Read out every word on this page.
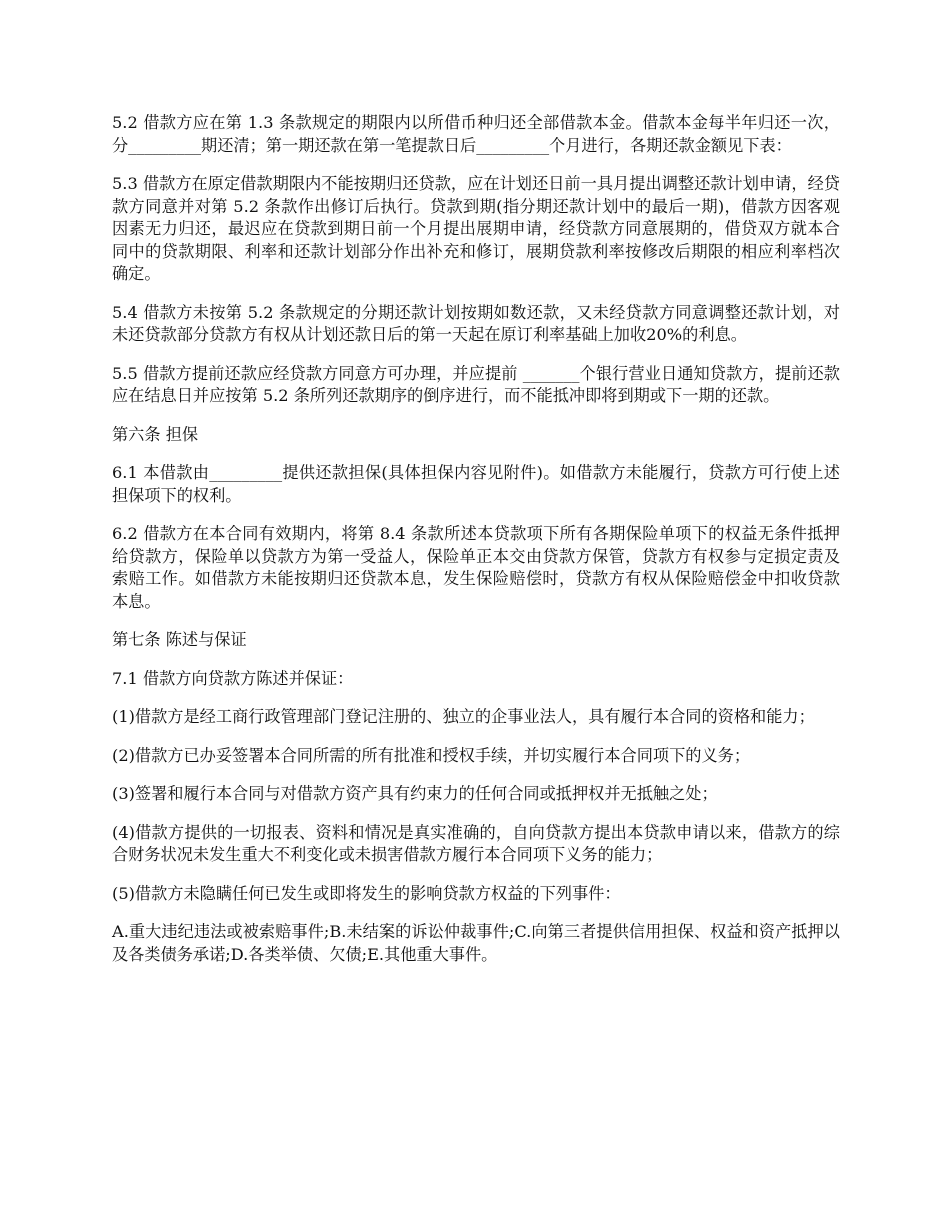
5.2 借款方应在第 1.3 条款规定的期限内以所借币种归还全部借款本金。借款本金每半年归还一次，分_________期还清；第一期还款在第一笔提款日后_________个月进行，各期还款金额见下表：

5.3 借款方在原定借款期限内不能按期归还贷款，应在计划还日前一具月提出调整还款计划申请，经贷款方同意并对第 5.2 条款作出修订后执行。贷款到期(指分期还款计划中的最后一期)，借款方因客观因素无力归还，最迟应在贷款到期日前一个月提出展期申请，经贷款方同意展期的，借贷双方就本合同中的贷款期限、利率和还款计划部分作出补充和修订，展期贷款利率按修改后期限的相应利率档次确定。

5.4 借款方未按第 5.2 条款规定的分期还款计划按期如数还款，又未经贷款方同意调整还款计划，对未还贷款部分贷款方有权从计划还款日后的第一天起在原订利率基础上加收20%的利息。

5.5 借款方提前还款应经贷款方同意方可办理，并应提前 _______个银行营业日通知贷款方，提前还款应在结息日并应按第 5.2 条所列还款期序的倒序进行，而不能抵冲即将到期或下一期的还款。

第六条 担保

6.1 本借款由_________提供还款担保(具体担保内容见附件)。如借款方未能履行，贷款方可行使上述担保项下的权利。

6.2 借款方在本合同有效期内，将第 8.4 条款所述本贷款项下所有各期保险单项下的权益无条件抵押给贷款方，保险单以贷款方为第一受益人，保险单正本交由贷款方保管，贷款方有权参与定损定责及索赔工作。如借款方未能按期归还贷款本息，发生保险赔偿时，贷款方有权从保险赔偿金中扣收贷款本息。

第七条 陈述与保证

7.1 借款方向贷款方陈述并保证：

(1)借款方是经工商行政管理部门登记注册的、独立的企事业法人，具有履行本合同的资格和能力；

(2)借款方已办妥签署本合同所需的所有批准和授权手续，并切实履行本合同项下的义务；

(3)签署和履行本合同与对借款方资产具有约束力的任何合同或抵押权并无抵触之处；

(4)借款方提供的一切报表、资料和情况是真实准确的，自向贷款方提出本贷款申请以来，借款方的综合财务状况未发生重大不利变化或未损害借款方履行本合同项下义务的能力；

(5)借款方未隐瞒任何已发生或即将发生的影响贷款方权益的下列事件：

A.重大违纪违法或被索赔事件;B.未结案的诉讼仲裁事件;C.向第三者提供信用担保、权益和资产抵押以及各类债务承诺;D.各类举债、欠债;E.其他重大事件。
